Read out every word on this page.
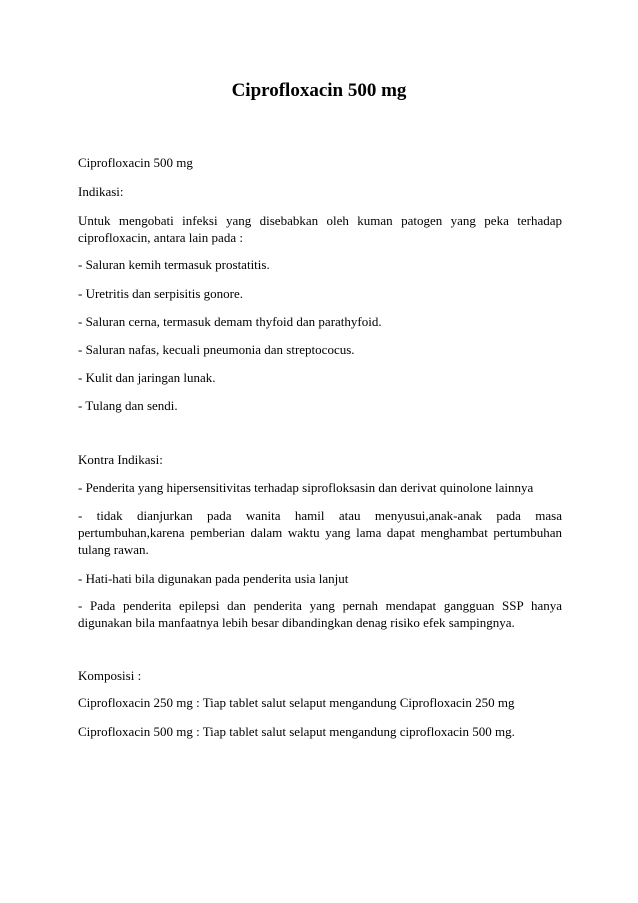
Ciprofloxacin 500 mg

Ciprofloxacin 500 mg

Indikasi:

Untuk mengobati infeksi yang disebabkan oleh kuman patogen yang peka terhadap ciprofloxacin, antara lain pada :

- Saluran kemih termasuk prostatitis.

- Uretritis dan serpisitis gonore.

- Saluran cerna, termasuk demam thyfoid dan parathyfoid.

- Saluran nafas, kecuali pneumonia dan streptococus.

- Kulit dan jaringan lunak.

- Tulang dan sendi.

Kontra Indikasi:

- Penderita yang hipersensitivitas terhadap siprofloksasin dan derivat quinolone lainnya

- tidak dianjurkan pada wanita hamil atau menyusui,anak-anak pada masa pertumbuhan,karena pemberian dalam waktu yang lama dapat menghambat pertumbuhan tulang rawan.

- Hati-hati bila digunakan pada penderita usia lanjut

- Pada penderita epilepsi dan penderita yang pernah mendapat gangguan SSP hanya digunakan bila manfaatnya lebih besar dibandingkan denag risiko efek sampingnya.

Komposisi :

Ciprofloxacin 250 mg : Tiap tablet salut selaput mengandung Ciprofloxacin 250 mg

Ciprofloxacin 500 mg : Tiap tablet salut selaput mengandung ciprofloxacin 500 mg.
